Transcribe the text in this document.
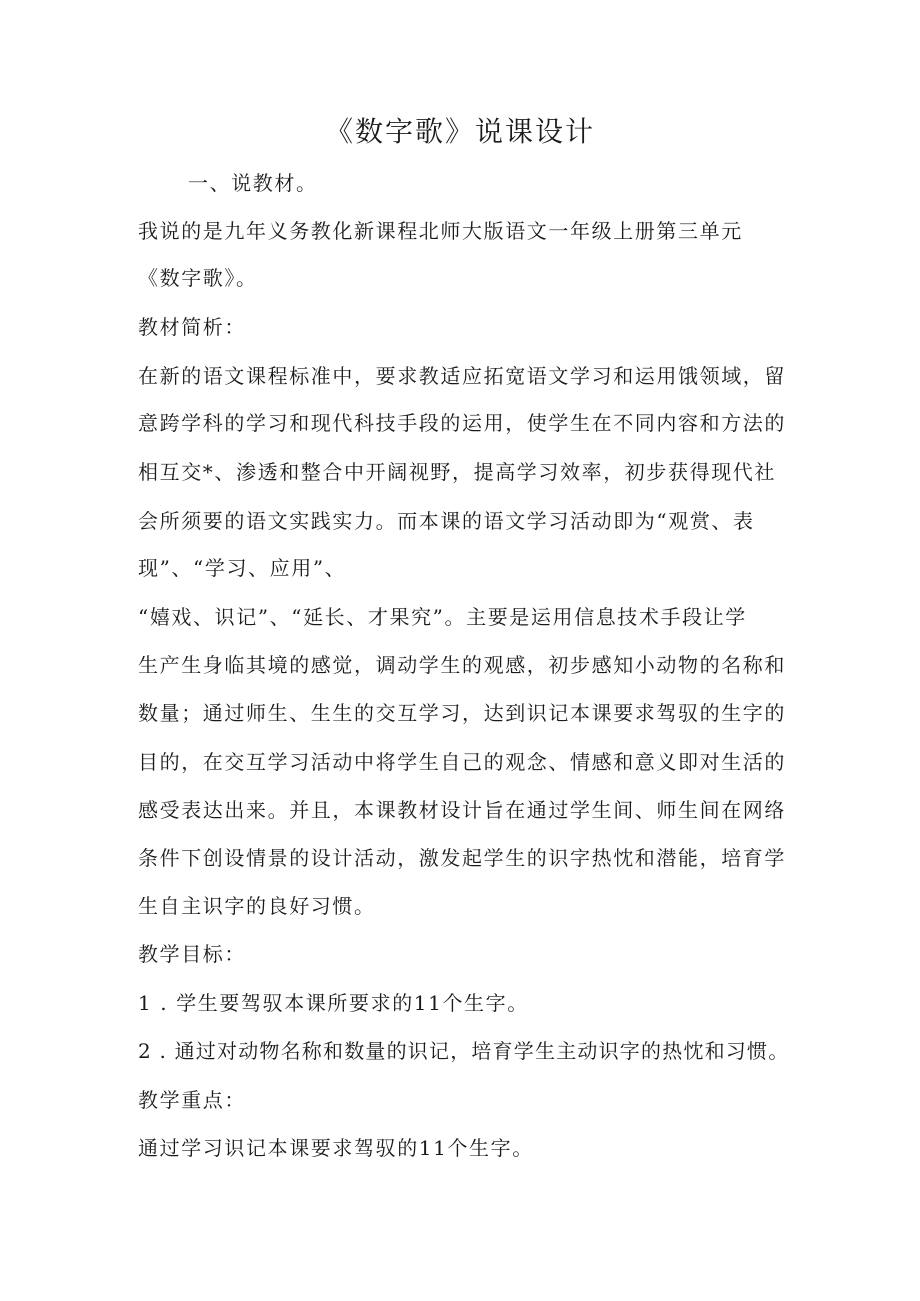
《数字歌》说课设计
一、说教材。
我说的是九年义务教化新课程北师大版语文一年级上册第三单元
《数字歌》。
教材简析：
在新的语文课程标准中，要求教适应拓宽语文学习和运用饿领域，留
意跨学科的学习和现代科技手段的运用，使学生在不同内容和方法的
相互交*、渗透和整合中开阔视野，提高学习效率，初步获得现代社
会所须要的语文实践实力。而本课的语文学习活动即为“观赏、表
现”、“学习、应用”、
“嬉戏、识记”、“延长、才果究”。主要是运用信息技术手段让学
生产生身临其境的感觉，调动学生的观感，初步感知小动物的名称和
数量；通过师生、生生的交互学习，达到识记本课要求驾驭的生字的
目的，在交互学习活动中将学生自己的观念、情感和意义即对生活的
感受表达出来。并且，本课教材设计旨在通过学生间、师生间在网络
条件下创设情景的设计活动，激发起学生的识字热忱和潜能，培育学
生自主识字的良好习惯。
教学目标：
1 . 学生要驾驭本课所要求的11个生字。
2 . 通过对动物名称和数量的识记，培育学生主动识字的热忱和习惯。
教学重点：
通过学习识记本课要求驾驭的11个生字。
